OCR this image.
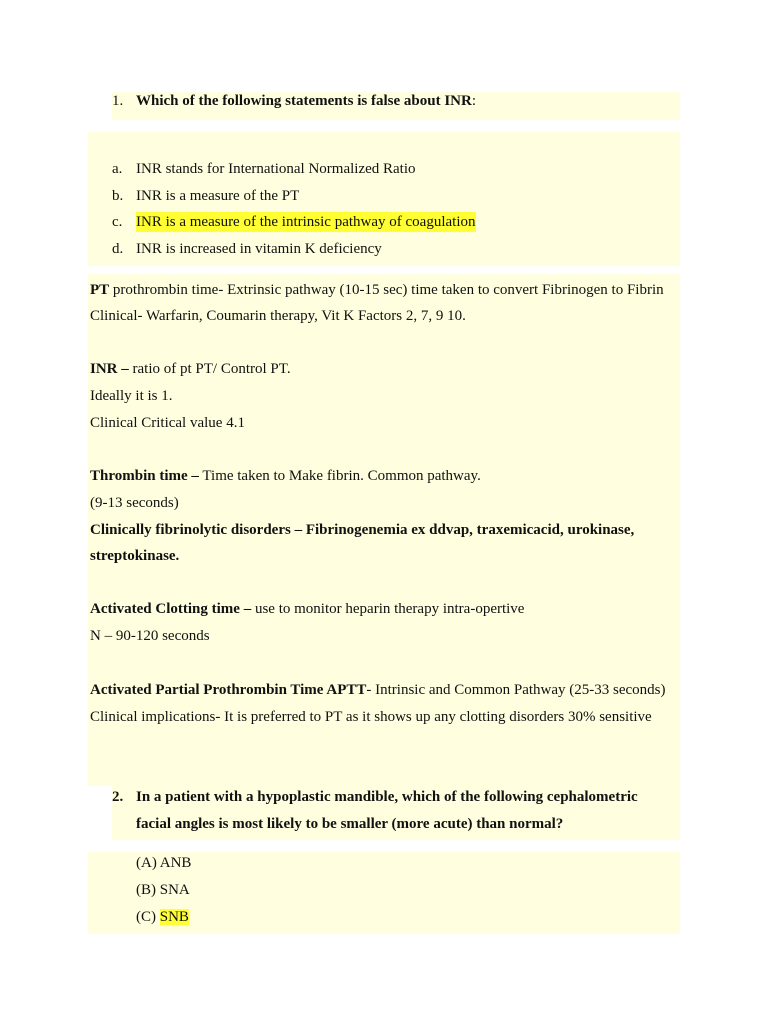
1. Which of the following statements is false about INR:
a. INR stands for International Normalized Ratio
b. INR is a measure of the PT
c. INR is a measure of the intrinsic pathway of coagulation
d. INR is increased in vitamin K deficiency
PT prothrombin time- Extrinsic pathway (10-15 sec) time taken to convert Fibrinogen to Fibrin
Clinical- Warfarin, Coumarin therapy, Vit K Factors 2, 7, 9 10.
INR – ratio of pt PT/ Control PT.
Ideally it is 1.
Clinical Critical value 4.1
Thrombin time – Time taken to Make fibrin. Common pathway.
(9-13 seconds)
Clinically fibrinolytic disorders – Fibrinogenemia ex ddvap, traxemicacid, urokinase,
streptokinase.
Activated Clotting time – use to monitor heparin therapy intra-opertive
N – 90-120 seconds
Activated Partial Prothrombin Time APTT- Intrinsic and Common Pathway (25-33 seconds)
Clinical implications- It is preferred to PT as it shows up any clotting disorders 30% sensitive
2. In a patient with a hypoplastic mandible, which of the following cephalometric
facial angles is most likely to be smaller (more acute) than normal?
(A) ANB
(B) SNA
(C) SNB
